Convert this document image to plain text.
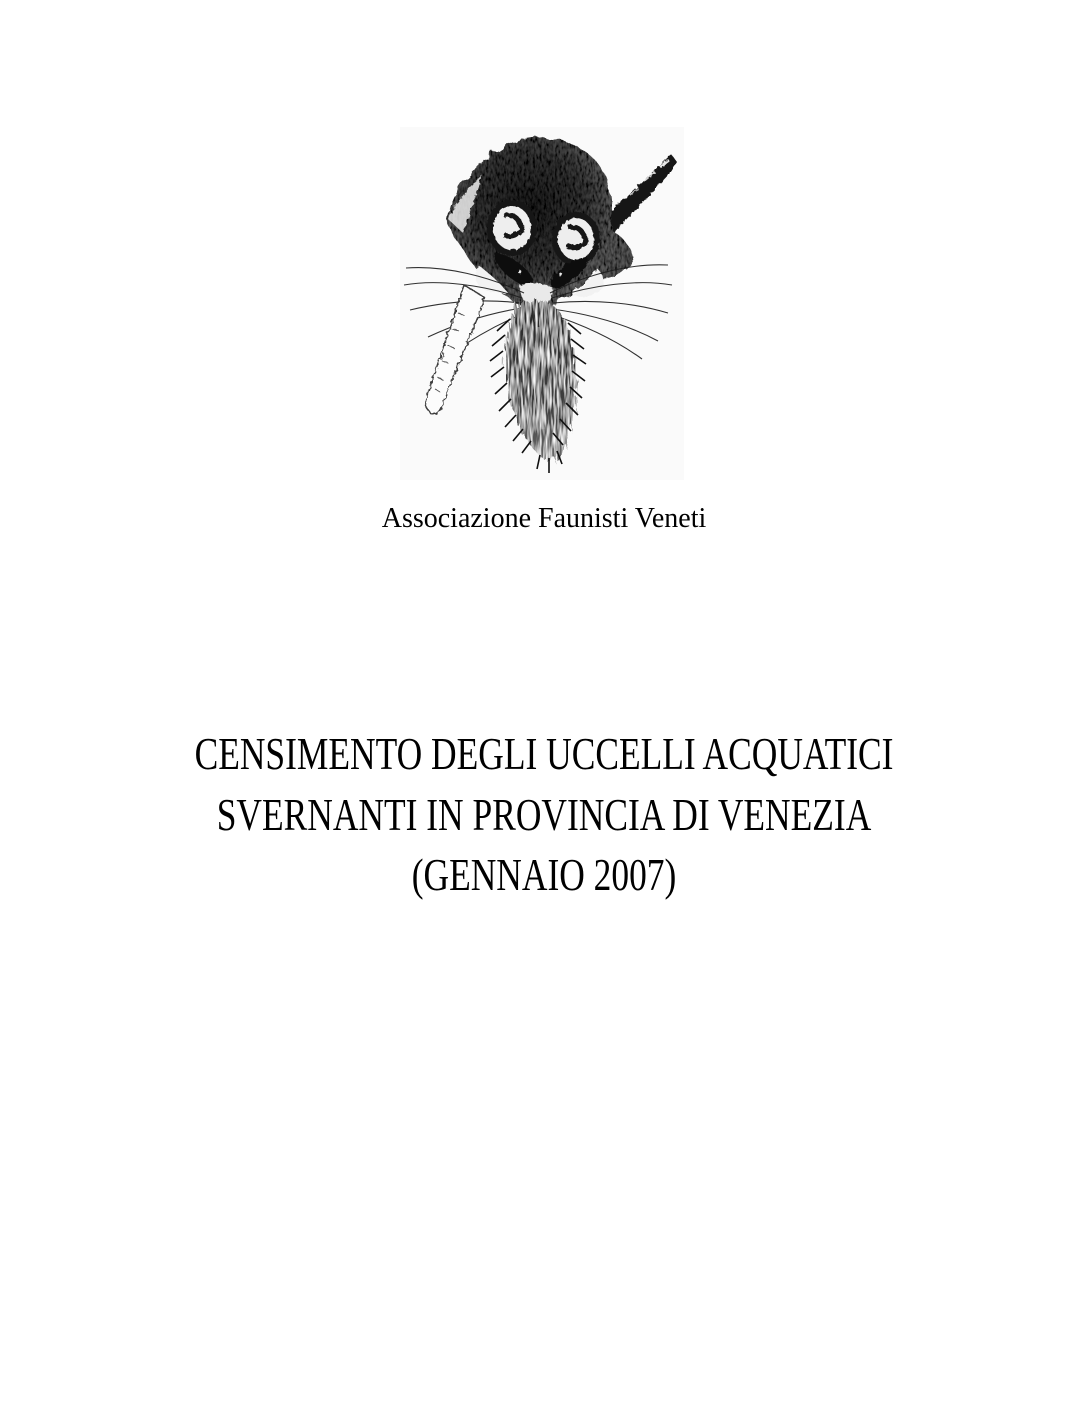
Associazione Faunisti Veneti
CENSIMENTO DEGLI UCCELLI ACQUATICI
SVERNANTI IN PROVINCIA DI VENEZIA
(GENNAIO 2007)
